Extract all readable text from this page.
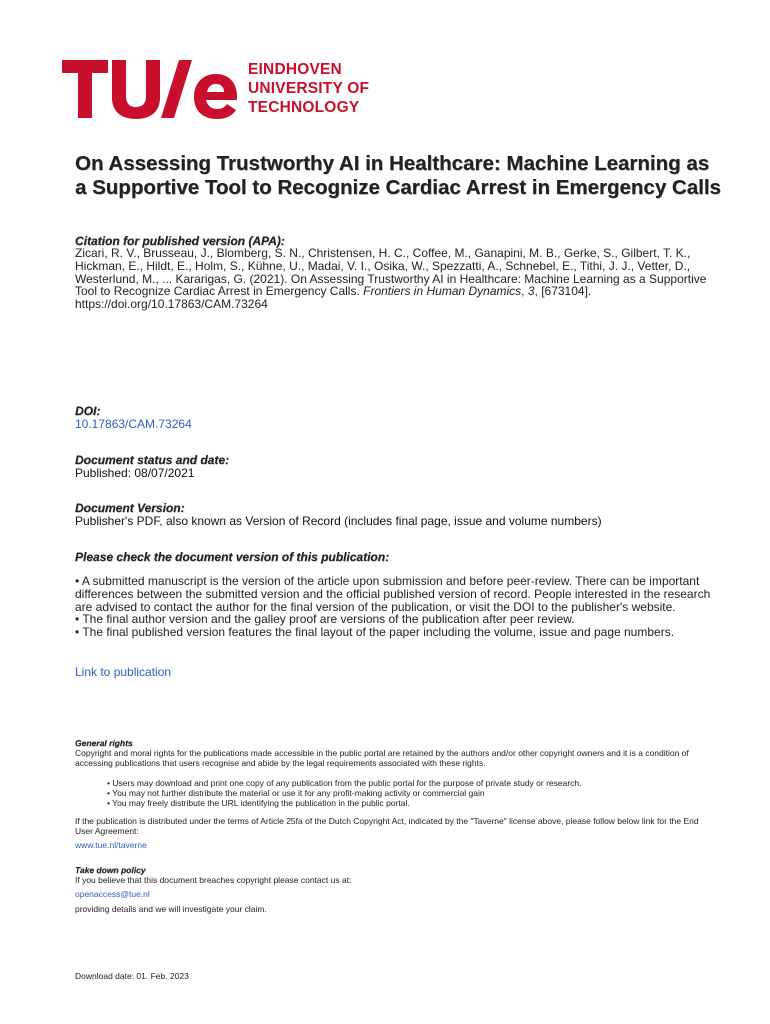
EINDHOVEN
UNIVERSITY OF
TECHNOLOGY
On Assessing Trustworthy AI in Healthcare: Machine Learning as a Supportive Tool to Recognize Cardiac Arrest in Emergency Calls
Citation for published version (APA):

Zicari, R. V., Brusseau, J., Blomberg, S. N., Christensen, H. C., Coffee, M., Ganapini, M. B., Gerke, S., Gilbert, T. K., Hickman, E., Hildt, E., Holm, S., Kühne, U., Madai, V. I., Osika, W., Spezzatti, A., Schnebel, E., Tithi, J. J., Vetter, D., Westerlund, M., ... Kararigas, G. (2021). On Assessing Trustworthy AI in Healthcare: Machine Learning as a Supportive Tool to Recognize Cardiac Arrest in Emergency Calls. Frontiers in Human Dynamics, 3, [673104]. https://doi.org/10.17863/CAM.73264

DOI:
10.17863/CAM.73264
Document status and date:
Published: 08/07/2021
Document Version:
Publisher's PDF, also known as Version of Record (includes final page, issue and volume numbers)
Please check the document version of this publication:
• A submitted manuscript is the version of the article upon submission and before peer-review. There can be important differences between the submitted version and the official published version of record. People interested in the research are advised to contact the author for the final version of the publication, or visit the DOI to the publisher's website.
• The final author version and the galley proof are versions of the publication after peer review.
• The final published version features the final layout of the paper including the volume, issue and page numbers.
Link to publication
General rights
Copyright and moral rights for the publications made accessible in the public portal are retained by the authors and/or other copyright owners and it is a condition of accessing publications that users recognise and abide by the legal requirements associated with these rights.
• Users may download and print one copy of any publication from the public portal for the purpose of private study or research.
• You may not further distribute the material or use it for any profit-making activity or commercial gain
• You may freely distribute the URL identifying the publication in the public portal.
If the publication is distributed under the terms of Article 25fa of the Dutch Copyright Act, indicated by the "Taverne" license above, please follow below link for the End User Agreement:
www.tue.nl/taverne
Take down policy
If you believe that this document breaches copyright please contact us at:
openaccess@tue.nl
providing details and we will investigate your claim.
Download date: 01. Feb. 2023
